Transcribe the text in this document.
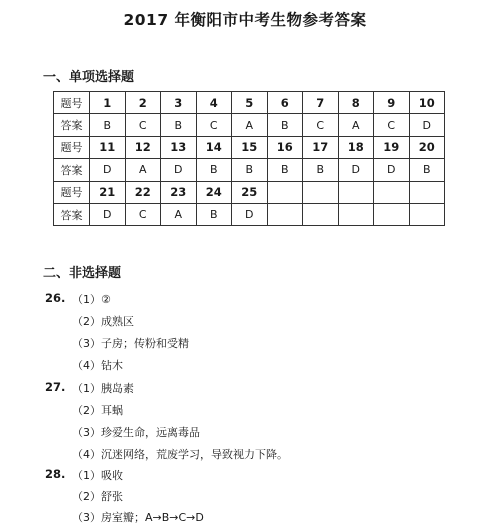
2017 年衡阳市中考生物参考答案
一、单项选择题
题号	1	2	3	4	5	6	7	8	9	10
答案	B	C	B	C	A	B	C	A	C	D
题号	11	12	13	14	15	16	17	18	19	20
答案	D	A	D	B	B	B	B	D	D	B
题号	21	22	23	24	25					
答案	D	C	A	B	D					
二、非选择题
26. （1）②
（2）成熟区
（3）子房；传粉和受精
（4）钻木
27. （1）胰岛素
（2）耳蜗
（3）珍爱生命，远离毒品
（4）沉迷网络，荒废学习，导致视力下降。
28. （1）吸收
（2）舒张
（3）房室瓣；A→B→C→D
